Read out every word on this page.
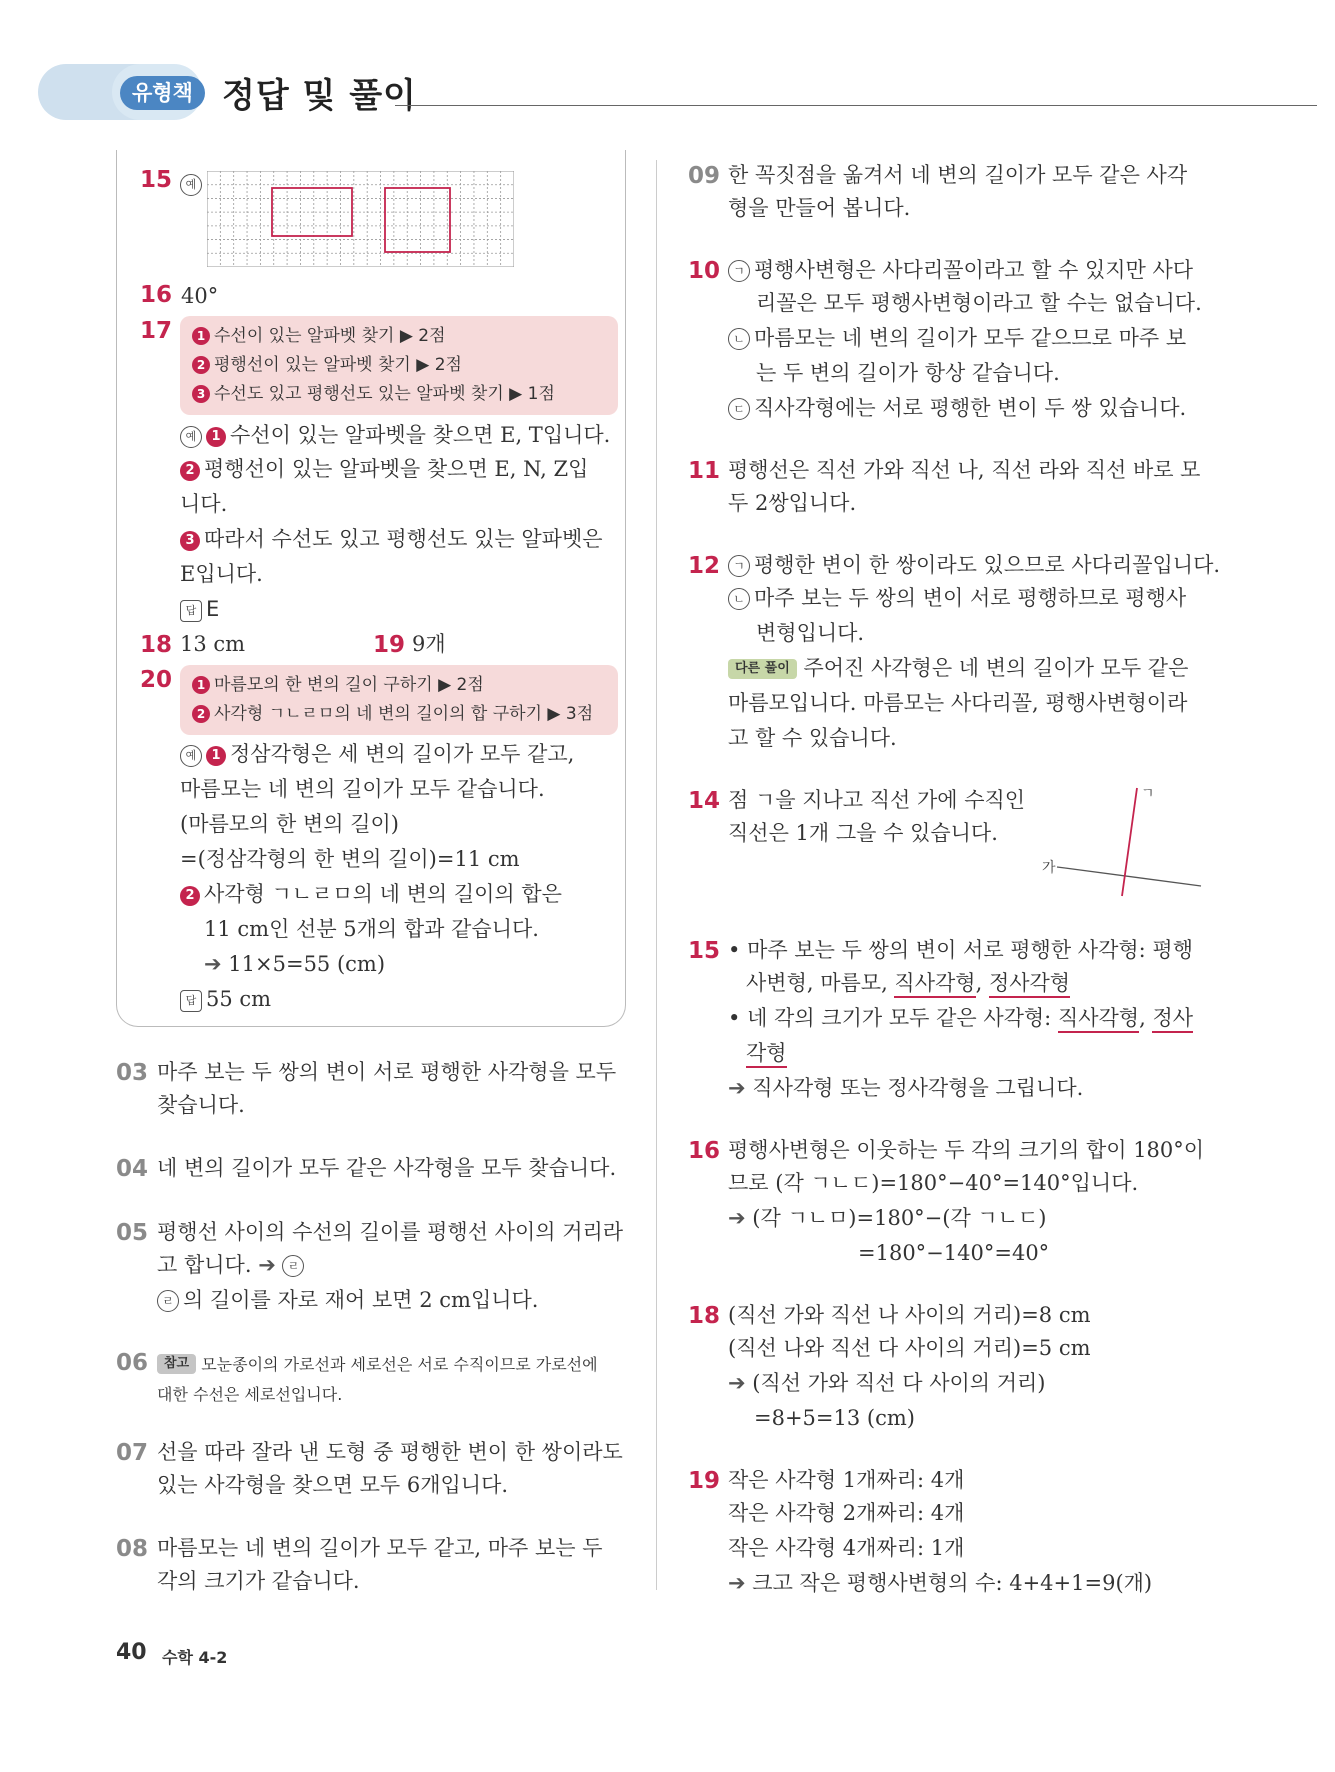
유형책 정답 및 풀이
15	예
16 40°
17	1 수선이 있는 알파벳 찾기 ▶ 2점
2 평행선이 있는 알파벳 찾기 ▶ 2점
3 수선도 있고 평행선도 있는 알파벳 찾기 ▶ 1점
예 1 수선이 있는 알파벳을 찾으면 E, T입니다.
2 평행선이 있는 알파벳을 찾으면 E, N, Z입
니다.
3 따라서 수선도 있고 평행선도 있는 알파벳은
E입니다.
답 E
18 13 cm	19 9개
20	1 마름모의 한 변의 길이 구하기 ▶ 2점
2 사각형 ㄱㄴㄹㅁ의 네 변의 길이의 합 구하기 ▶ 3점
예 1 정삼각형은 세 변의 길이가 모두 같고,
마름모는 네 변의 길이가 모두 같습니다.
(마름모의 한 변의 길이)
=(정삼각형의 한 변의 길이)=11 cm
2 사각형 ㄱㄴㄹㅁ의 네 변의 길이의 합은
11 cm인 선분 5개의 합과 같습니다.
➔ 11×5=55 (cm)
답 55 cm
03 마주 보는 두 쌍의 변이 서로 평행한 사각형을 모두
찾습니다.
04 네 변의 길이가 모두 같은 사각형을 모두 찾습니다.
05 평행선 사이의 수선의 길이를 평행선 사이의 거리라
고 합니다. ➔ ㄹ
ㄹ 의 길이를 자로 재어 보면 2 cm입니다.
06	참고 모눈종이의 가로선과 세로선은 서로 수직이므로 가로선에
대한 수선은 세로선입니다.
07 선을 따라 잘라 낸 도형 중 평행한 변이 한 쌍이라도
있는 사각형을 찾으면 모두 6개입니다.
08 마름모는 네 변의 길이가 모두 같고, 마주 보는 두
각의 크기가 같습니다.
09 한 꼭짓점을 옮겨서 네 변의 길이가 모두 같은 사각
형을 만들어 봅니다.
10	ㄱ 평행사변형은 사다리꼴이라고 할 수 있지만 사다
리꼴은 모두 평행사변형이라고 할 수는 없습니다.
ㄴ 마름모는 네 변의 길이가 모두 같으므로 마주 보
는 두 변의 길이가 항상 같습니다.
ㄷ 직사각형에는 서로 평행한 변이 두 쌍 있습니다.
11 평행선은 직선 가와 직선 나, 직선 라와 직선 바로 모
두 2쌍입니다.
12	ㄱ 평행한 변이 한 쌍이라도 있으므로 사다리꼴입니다.
ㄴ 마주 보는 두 쌍의 변이 서로 평행하므로 평행사
변형입니다.
다른 풀이 주어진 사각형은 네 변의 길이가 모두 같은
마름모입니다. 마름모는 사다리꼴, 평행사변형이라
고 할 수 있습니다.
14 점 ㄱ을 지나고 직선 가에 수직인
직선은 1개 그을 수 있습니다.
ㄱ
가
15 • 마주 보는 두 쌍의 변이 서로 평행한 사각형: 평행
사변형, 마름모, 직사각형, 정사각형
• 네 각의 크기가 모두 같은 사각형: 직사각형, 정사
각형
➔ 직사각형 또는 정사각형을 그립니다.
16 평행사변형은 이웃하는 두 각의 크기의 합이 180°이
므로 (각 ㄱㄴㄷ)=180°−40°=140°입니다.
➔ (각 ㄱㄴㅁ)=180°−(각 ㄱㄴㄷ)
=180°−140°=40°
18 (직선 가와 직선 나 사이의 거리)=8 cm
(직선 나와 직선 다 사이의 거리)=5 cm
➔ (직선 가와 직선 다 사이의 거리)
=8+5=13 (cm)
19 작은 사각형 1개짜리: 4개
작은 사각형 2개짜리: 4개
작은 사각형 4개짜리: 1개
➔ 크고 작은 평행사변형의 수: 4+4+1=9(개)
40 수학 4-2
